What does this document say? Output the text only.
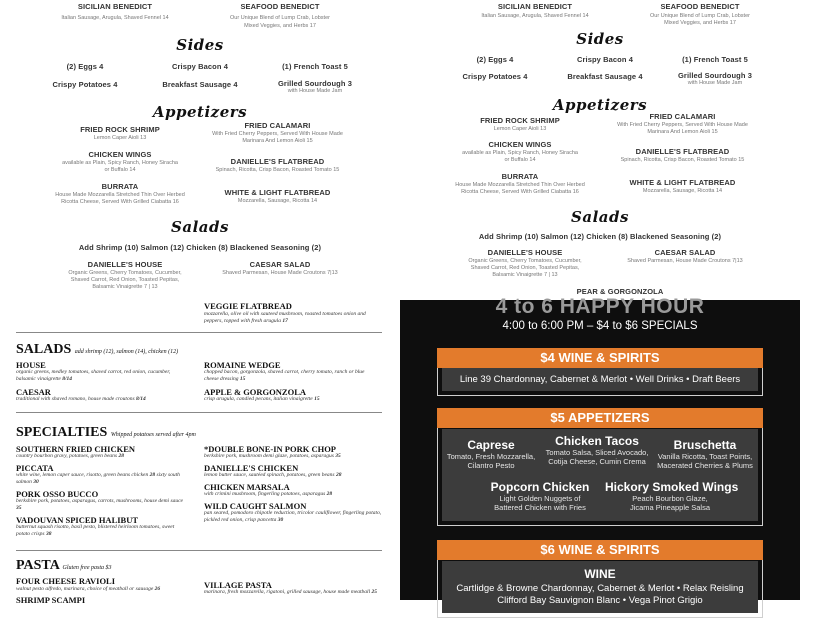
SICILIAN BENEDICT
Italian Sausage, Arugula, Shaved Fennel 14
SEAFOOD BENEDICT
Our Unique Blend of Lump Crab, Lobster
Mixed Veggies, and Herbs 17
Sides
(2) Eggs 4	Crispy Bacon 4	(1) French Toast 5
Crispy Potatoes 4	Breakfast Sausage 4	Grilled Sourdough 3
with House Made Jam
Appetizers
FRIED ROCK SHRIMP
Lemon Caper Aioli 13
FRIED CALAMARI
With Fried Cherry Peppers, Served With House Made
Marinara And Lemon Aioli 15
CHICKEN WINGS
available as Plain, Spicy Ranch, Honey Siracha
or Buffalo 14
DANIELLE'S FLATBREAD
Spinach, Ricotta, Crisp Bacon, Roasted Tomato 15
BURRATA
House Made Mozzarella Stretched Thin Over Herbed
Ricotta Cheese, Served With Grilled Ciabatta 16
WHITE & LIGHT FLATBREAD
Mozzarella, Sausage, Ricotta 14
Salads
Add Shrimp (10) Salmon (12) Chicken (8) Blackened Seasoning (2)
DANIELLE'S HOUSE
Organic Greens, Cherry Tomatoes, Cucumber,
Shaved Carrot, Red Onion, Toasted Pepitas,
Balsamic Vinaigrette 7 | 13
CAESAR SALAD
Shaved Parmesan, House Made Croutons 7|13
SICILIAN BENEDICT
Italian Sausage, Arugula, Shaved Fennel 14
SEAFOOD BENEDICT
Our Unique Blend of Lump Crab, Lobster
Mixed Veggies, and Herbs 17
Sides
(2) Eggs 4	Crispy Bacon 4	(1) French Toast 5
Crispy Potatoes 4	Breakfast Sausage 4	Grilled Sourdough 3
with House Made Jam
Appetizers
FRIED ROCK SHRIMP
Lemon Caper Aioli 13
FRIED CALAMARI
With Fried Cherry Peppers, Served With House Made
Marinara And Lemon Aioli 15
CHICKEN WINGS
available as Plain, Spicy Ranch, Honey Siracha
or Buffalo 14
DANIELLE'S FLATBREAD
Spinach, Ricotta, Crisp Bacon, Roasted Tomato 15
BURRATA
House Made Mozzarella Stretched Thin Over Herbed
Ricotta Cheese, Served With Grilled Ciabatta 16
WHITE & LIGHT FLATBREAD
Mozzarella, Sausage, Ricotta 14
Salads
Add Shrimp (10) Salmon (12) Chicken (8) Blackened Seasoning (2)
DANIELLE'S HOUSE
Organic Greens, Cherry Tomatoes, Cucumber,
Shaved Carrot, Red Onion, Toasted Pepitas,
Balsamic Vinaigrette 7 | 13
CAESAR SALAD
Shaved Parmesan, House Made Croutons 7|13
PEAR & GORGONZOLA
VEGGIE FLATBREAD
mozzarella, olive oil with sauteed mushroom, roasted tomatoes onion and peppers, topped with fresh arugula 17
SALADS add shrimp (12), salmon (14), chicken (12)
HOUSE
organic greens, medley tomatoes, shaved carrot, red onion, cucumber, balsamic vinaigrette 8/14
ROMAINE WEDGE
chopped bacon, gorgonzola, shaved carrot, cherry tomato, ranch or blue cheese dressing 15
CAESAR
traditional with shaved romano, house made croutons 8/14
APPLE & GORGONZOLA
crisp arugula, candied pecans, italian vinaigrette 15
SPECIALTIES Whipped potatoes served after 4pm
SOUTHERN FRIED CHICKEN
country bourbon gravy, potatoes, green beans 28
*DOUBLE BONE-IN PORK CHOP
berkshire pork, mushroom demi glaze, potatoes, asparagus 35
PICCATA
white wine, lemon caper sauce, risotto, green beans chicken 28 sixty south salmon 30
DANIELLE'S CHICKEN
lemon butter sauce, sautéed spinach, potatoes, green beans 28
PORK OSSO BUCCO
berkshire pork, potatoes, asparagus, carrots, mushrooms, house demi sauce 35
CHICKEN MARSALA
with crimini mushroom, fingerling potatoes, asparagus 28
VADOUVAN SPICED HALIBUT
butternut squash risotto, basil pesto, blistered heirloom tomatoes, sweet potato crisps 38
WILD CAUGHT SALMON
pan seared, pomodoro chipotle reduction, tricolor cauliflower, fingerling potato, pickled red onion, crisp pancetta 30
PASTA Gluten free pasta $3
FOUR CHEESE RAVIOLI
walnut pesto alfredo, marinara, choice of meatball or sausage 26	VILLAGE PASTA
marinara, fresh mozzarella, rigatoni, grilled sausage, house made meatball 25
SHRIMP SCAMPI
4 to 6 HAPPY HOUR
4:00 to 6:00 PM – $4 to $6 SPECIALS
$4 WINE & SPIRITS
Line 39 Chardonnay, Cabernet & Merlot • Well Drinks • Draft Beers
$5 APPETIZERS
Caprese
Tomato, Fresh Mozzarella,
Cilantro Pesto
Chicken Tacos
Tomato Salsa, Sliced Avocado,
Cotija Cheese, Cumin Crema
Bruschetta
Vanilla Ricotta, Toast Points,
Macerated Cherries & Plums
Popcorn Chicken
Light Golden Nuggets of
Battered Chicken with Fries
Hickory Smoked Wings
Peach Bourbon Glaze,
Jicama Pineapple Salsa
$6 WINE & SPIRITS
WINE
Cartlidge & Browne Chardonnay, Cabernet & Merlot • Relax Reisling
Clifford Bay Sauvignon Blanc • Vega Pinot Grigio
